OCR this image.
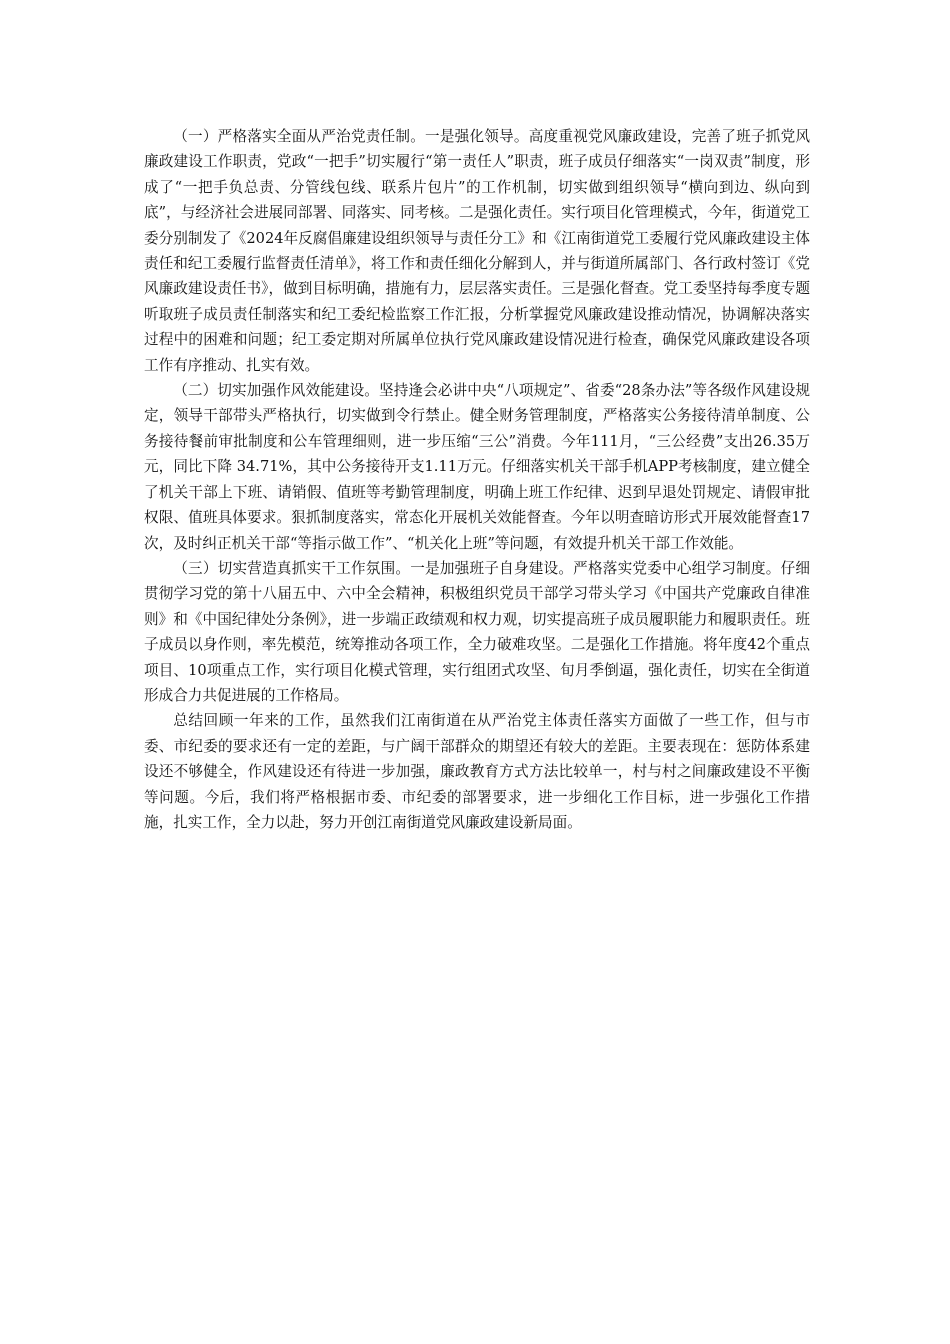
（一）严格落实全面从严治党责任制。一是强化领导。高度重视党风廉政建设，完善了班子抓党风廉政建设工作职责，党政“一把手”切实履行“第一责任人”职责，班子成员仔细落实“一岗双责”制度，形成了“一把手负总责、分管线包线、联系片包片”的工作机制，切实做到组织领导“横向到边、纵向到底”，与经济社会进展同部署、同落实、同考核。二是强化责任。实行项目化管理模式，今年，街道党工委分别制发了《2024年反腐倡廉建设组织领导与责任分工》和《江南街道党工委履行党风廉政建设主体责任和纪工委履行监督责任清单》，将工作和责任细化分解到人，并与街道所属部门、各行政村签订《党风廉政建设责任书》，做到目标明确，措施有力，层层落实责任。三是强化督查。党工委坚持每季度专题听取班子成员责任制落实和纪工委纪检监察工作汇报，分析掌握党风廉政建设推动情况，协调解决落实过程中的困难和问题；纪工委定期对所属单位执行党风廉政建设情况进行检查，确保党风廉政建设各项工作有序推动、扎实有效。

（二）切实加强作风效能建设。坚持逢会必讲中央“八项规定”、省委“28条办法”等各级作风建设规定，领导干部带头严格执行，切实做到令行禁止。健全财务管理制度，严格落实公务接待清单制度、公务接待餐前审批制度和公车管理细则，进一步压缩“三公”消费。今年111月，“三公经费”支出26.35万元，同比下降 34.71%，其中公务接待开支1.11万元。仔细落实机关干部手机APP考核制度，建立健全了机关干部上下班、请销假、值班等考勤管理制度，明确上班工作纪律、迟到早退处罚规定、请假审批权限、值班具体要求。狠抓制度落实，常态化开展机关效能督查。今年以明查暗访形式开展效能督查17次，及时纠正机关干部“等指示做工作”、“机关化上班”等问题，有效提升机关干部工作效能。

（三）切实营造真抓实干工作氛围。一是加强班子自身建设。严格落实党委中心组学习制度。仔细贯彻学习党的第十八届五中、六中全会精神，积极组织党员干部学习带头学习《中国共产党廉政自律准则》和《中国纪律处分条例》，进一步端正政绩观和权力观，切实提高班子成员履职能力和履职责任。班子成员以身作则，率先模范，统筹推动各项工作，全力破难攻坚。二是强化工作措施。将年度42个重点项目、10项重点工作，实行项目化模式管理，实行组团式攻坚、旬月季倒逼，强化责任，切实在全街道形成合力共促进展的工作格局。

总结回顾一年来的工作，虽然我们江南街道在从严治党主体责任落实方面做了一些工作，但与市委、市纪委的要求还有一定的差距，与广阔干部群众的期望还有较大的差距。主要表现在：惩防体系建设还不够健全，作风建设还有待进一步加强，廉政教育方式方法比较单一，村与村之间廉政建设不平衡等问题。今后，我们将严格根据市委、市纪委的部署要求，进一步细化工作目标，进一步强化工作措施，扎实工作，全力以赴，努力开创江南街道党风廉政建设新局面。
